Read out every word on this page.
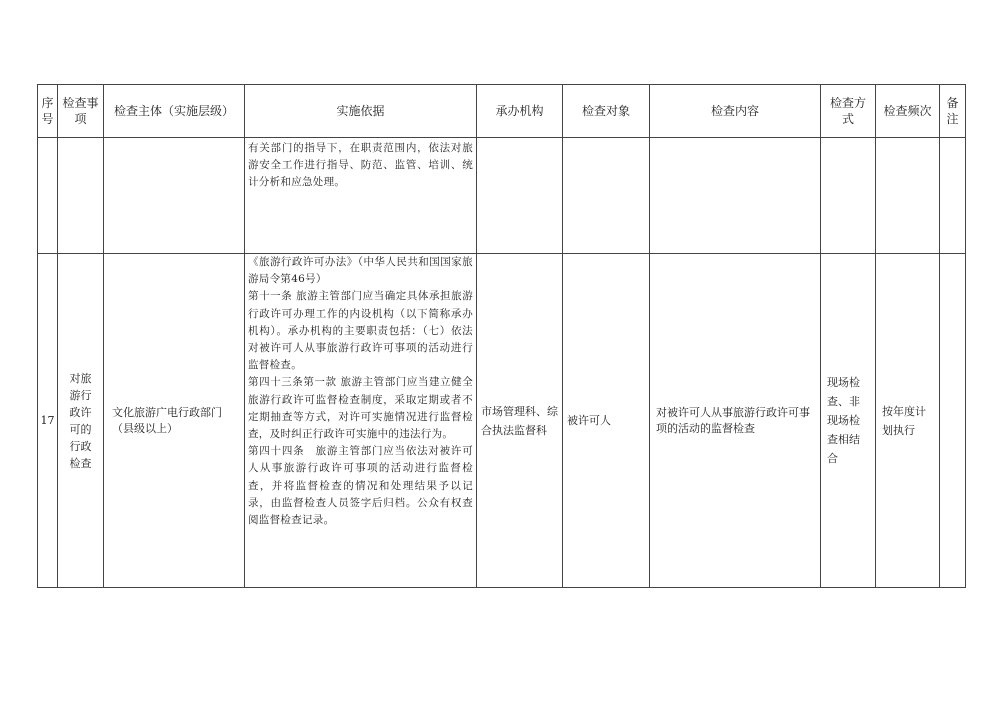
序号	检查事项	检查主体（实施层级）	实施依据	承办机构	检查对象	检查内容	检查方式	检查频次	备注
			有关部门的指导下，在职责范围内，依法对旅游安全工作进行指导、防范、监管、培训、统计分析和应急处理。						
17	对旅游行政许可的行政检查	文化旅游广电行政部门（县级以上）	《旅游行政许可办法》（中华人民共和国国家旅游局令第46号）
第十一条 旅游主管部门应当确定具体承担旅游行政许可办理工作的内设机构（以下简称承办机构）。承办机构的主要职责包括：（七）依法对被许可人从事旅游行政许可事项的活动进行监督检查。
第四十三条第一款 旅游主管部门应当建立健全旅游行政许可监督检查制度，采取定期或者不定期抽查等方式，对许可实施情况进行监督检查，及时纠正行政许可实施中的违法行为。
第四十四条　旅游主管部门应当依法对被许可人从事旅游行政许可事项的活动进行监督检查，并将监督检查的情况和处理结果予以记录，由监督检查人员签字后归档。公众有权查阅监督检查记录。	市场管理科、综合执法监督科	被许可人	对被许可人从事旅游行政许可事项的活动的监督检查	现场检查、非现场检查相结合	按年度计划执行	
